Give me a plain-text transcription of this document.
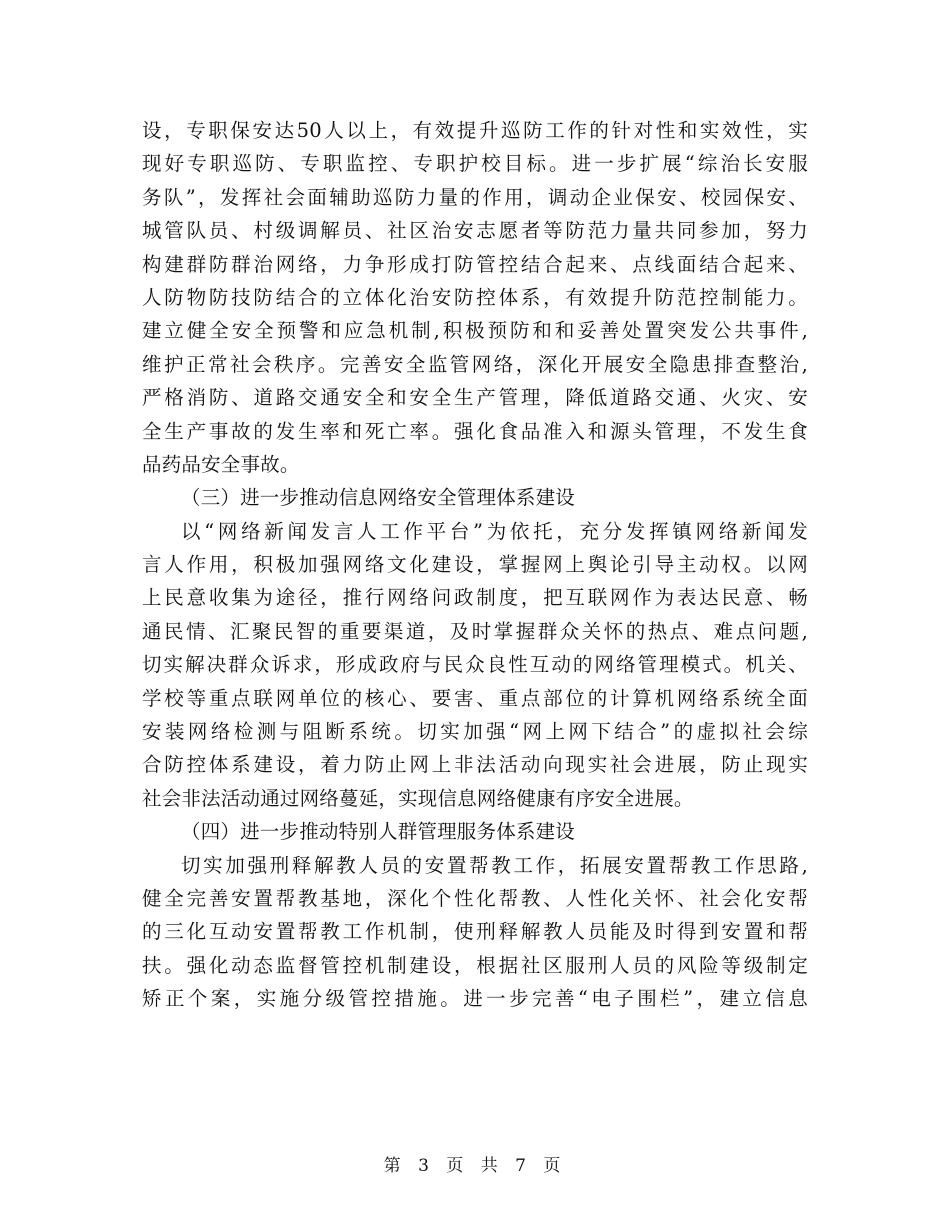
设，专职保安达50人以上，有效提升巡防工作的针对性和实效性，实
现好专职巡防、专职监控、专职护校目标。进一步扩展“综治长安服
务队”，发挥社会面辅助巡防力量的作用，调动企业保安、校园保安、
城管队员、村级调解员、社区治安志愿者等防范力量共同参加，努力
构建群防群治网络，力争形成打防管控结合起来、点线面结合起来、
人防物防技防结合的立体化治安防控体系，有效提升防范控制能力。
建立健全安全预警和应急机制,积极预防和和妥善处置突发公共事件,
维护正常社会秩序。完善安全监管网络，深化开展安全隐患排查整治,
严格消防、道路交通安全和安全生产管理，降低道路交通、火灾、安
全生产事故的发生率和死亡率。强化食品准入和源头管理，不发生食
品药品安全事故。
（三）进一步推动信息网络安全管理体系建设
以“网络新闻发言人工作平台”为依托，充分发挥镇网络新闻发
言人作用，积极加强网络文化建设，掌握网上舆论引导主动权。以网
上民意收集为途径，推行网络问政制度，把互联网作为表达民意、畅
通民情、汇聚民智的重要渠道，及时掌握群众关怀的热点、难点问题,
切实解决群众诉求，形成政府与民众良性互动的网络管理模式。机关、
学校等重点联网单位的核心、要害、重点部位的计算机网络系统全面
安装网络检测与阻断系统。切实加强“网上网下结合”的虚拟社会综
合防控体系建设，着力防止网上非法活动向现实社会进展，防止现实
社会非法活动通过网络蔓延，实现信息网络健康有序安全进展。
（四）进一步推动特别人群管理服务体系建设
切实加强刑释解教人员的安置帮教工作，拓展安置帮教工作思路,
健全完善安置帮教基地，深化个性化帮教、人性化关怀、社会化安帮
的三化互动安置帮教工作机制，使刑释解教人员能及时得到安置和帮
扶。强化动态监督管控机制建设，根据社区服刑人员的风险等级制定
矫正个案，实施分级管控措施。进一步完善“电子围栏”，建立信息
第 3 页 共 7 页
